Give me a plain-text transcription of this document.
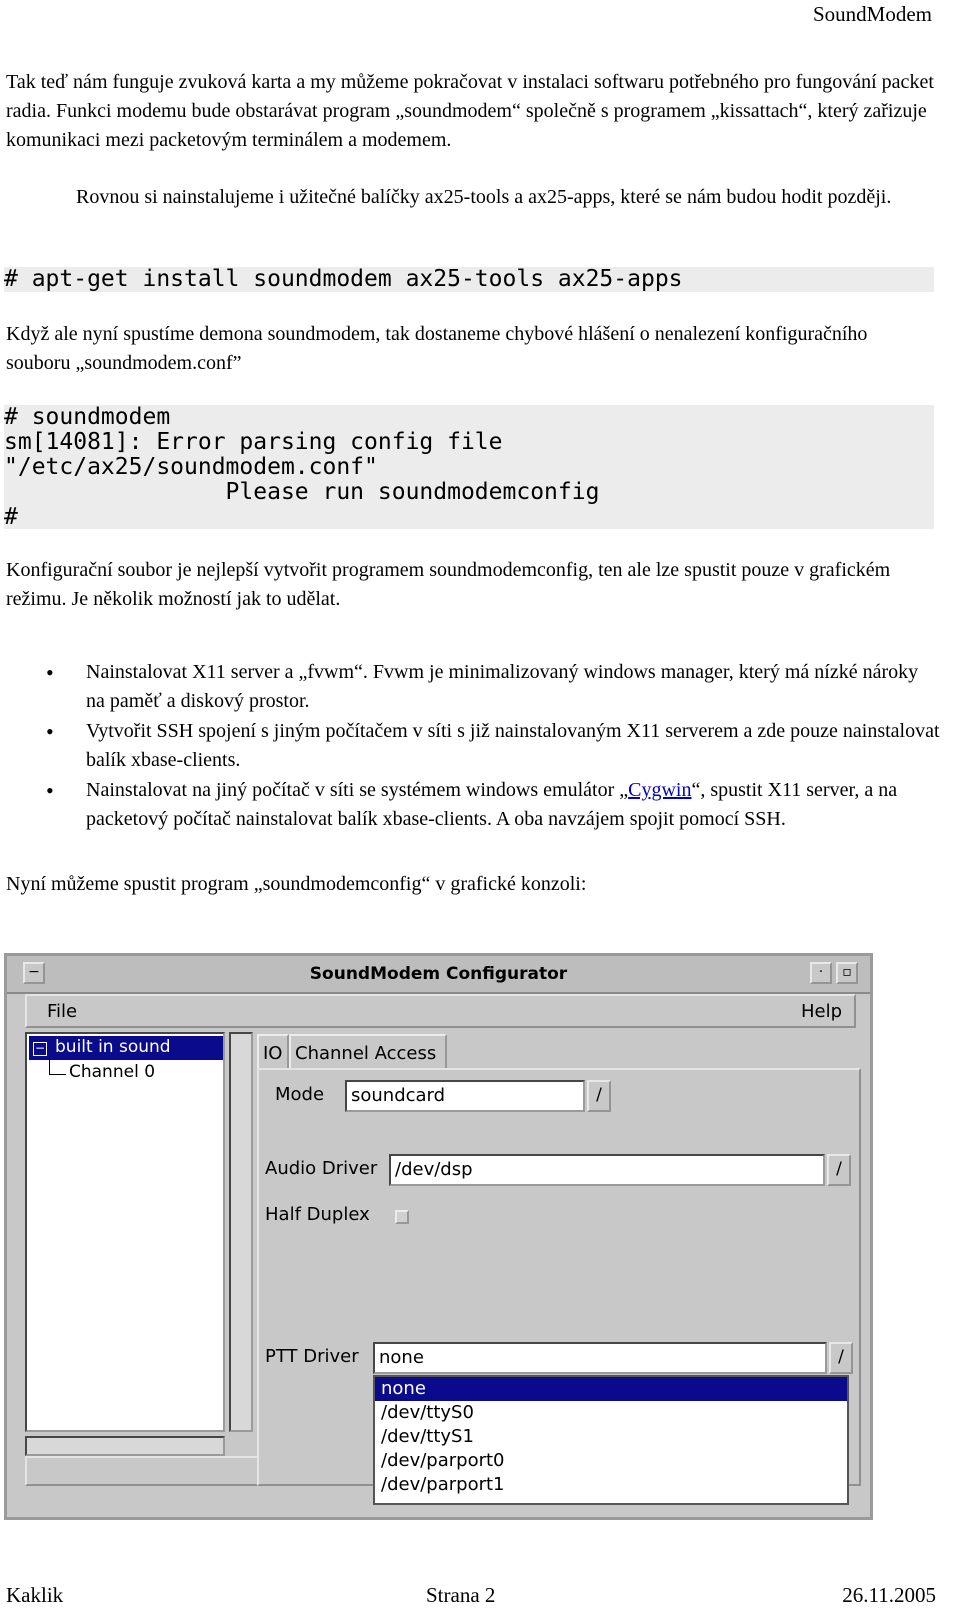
SoundModem

Tak teď nám funguje zvuková karta a my můžeme pokračovat v instalaci softwaru potřebného pro fungování packet radia. Funkci modemu bude obstarávat program „soundmodem“ společně s programem „kissattach“, který zařizuje komunikaci mezi packetovým terminálem a modemem.

Rovnou si nainstalujeme i užitečné balíčky ax25-tools a ax25-apps, které se nám budou hodit později.

# apt-get install soundmodem ax25-tools ax25-apps

Když ale nyní spustíme demona soundmodem, tak dostaneme chybové hlášení o nenalezení konfiguračního souboru „soundmodem.conf”

# soundmodem
sm[14081]: Error parsing config file
"/etc/ax25/soundmodem.conf"
Please run soundmodemconfig
#

Konfigurační soubor je nejlepší vytvořit programem soundmodemconfig, ten ale lze spustit pouze v grafickém režimu. Je několik možností jak to udělat.

• Nainstalovat X11 server a „fvwm“. Fvwm je minimalizovaný windows manager, který má nízké nároky na paměť a diskový prostor.
• Vytvořit SSH spojení s jiným počítačem v síti s již nainstalovaným X11 serverem a zde pouze nainstalovat balík xbase-clients.
• Nainstalovat na jiný počítač v síti se systémem windows emulátor „Cygwin“, spustit X11 server, a na packetový počítač nainstalovat balík xbase-clients. A oba navzájem spojit pomocí SSH.

Nyní můžeme spustit program „soundmodemconfig“ v grafické konzoli:

−	SoundModem Configurator	·	▫
File	Help
− built in sound
Channel 0
IO Channel Access
Mode	soundcard	/
Audio Driver /dev/dsp	/
Half Duplex
PTT Driver	none	/
none
/dev/ttyS0
/dev/ttyS1
/dev/parport0
/dev/parport1
Kaklik	Strana 2	26.11.2005
